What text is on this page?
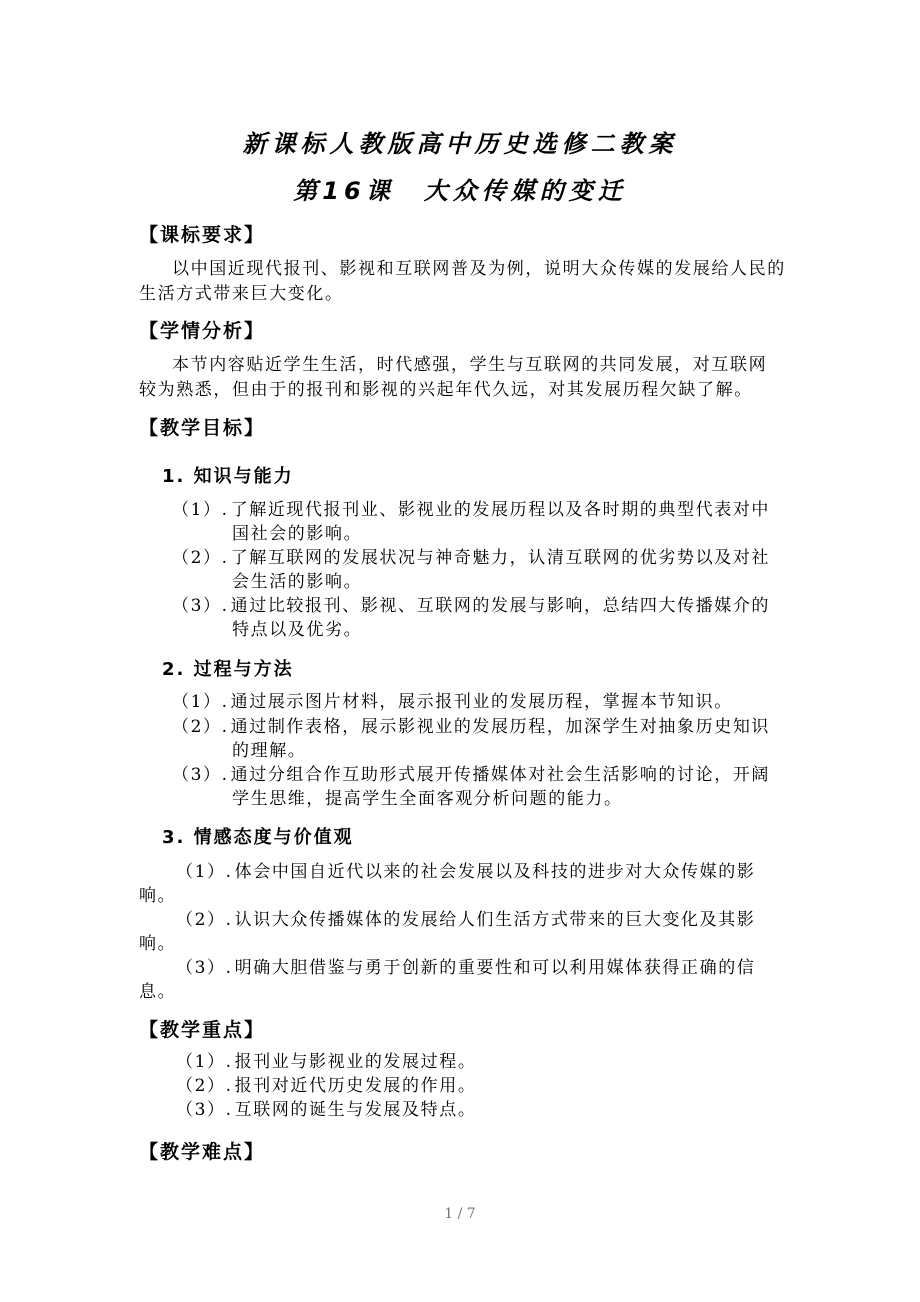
新课标人教版高中历史选修二教案
第16课　大众传媒的变迁
【课标要求】
以中国近现代报刊、影视和互联网普及为例，说明大众传媒的发展给人民的
生活方式带来巨大变化。
【学情分析】
本节内容贴近学生生活，时代感强，学生与互联网的共同发展，对互联网
较为熟悉，但由于的报刊和影视的兴起年代久远，对其发展历程欠缺了解。
【教学目标】
1. 知识与能力
（1）. 了解近现代报刊业、影视业的发展历程以及各时期的典型代表对中
国社会的影响。
（2）. 了解互联网的发展状况与神奇魅力，认清互联网的优劣势以及对社
会生活的影响。
（3）. 通过比较报刊、影视、互联网的发展与影响，总结四大传播媒介的
特点以及优劣。
2. 过程与方法
（1）. 通过展示图片材料，展示报刊业的发展历程，掌握本节知识。
（2）. 通过制作表格，展示影视业的发展历程，加深学生对抽象历史知识
的理解。
（3）. 通过分组合作互助形式展开传播媒体对社会生活影响的讨论，开阔
学生思维，提高学生全面客观分析问题的能力。
3. 情感态度与价值观
（1）. 体会中国自近代以来的社会发展以及科技的进步对大众传媒的影
响。
（2）. 认识大众传播媒体的发展给人们生活方式带来的巨大变化及其影
响。
（3）. 明确大胆借鉴与勇于创新的重要性和可以利用媒体获得正确的信
息。
【教学重点】
（1）. 报刊业与影视业的发展过程。
（2）. 报刊对近代历史发展的作用。
（3）. 互联网的诞生与发展及特点。
【教学难点】
1 / 7
